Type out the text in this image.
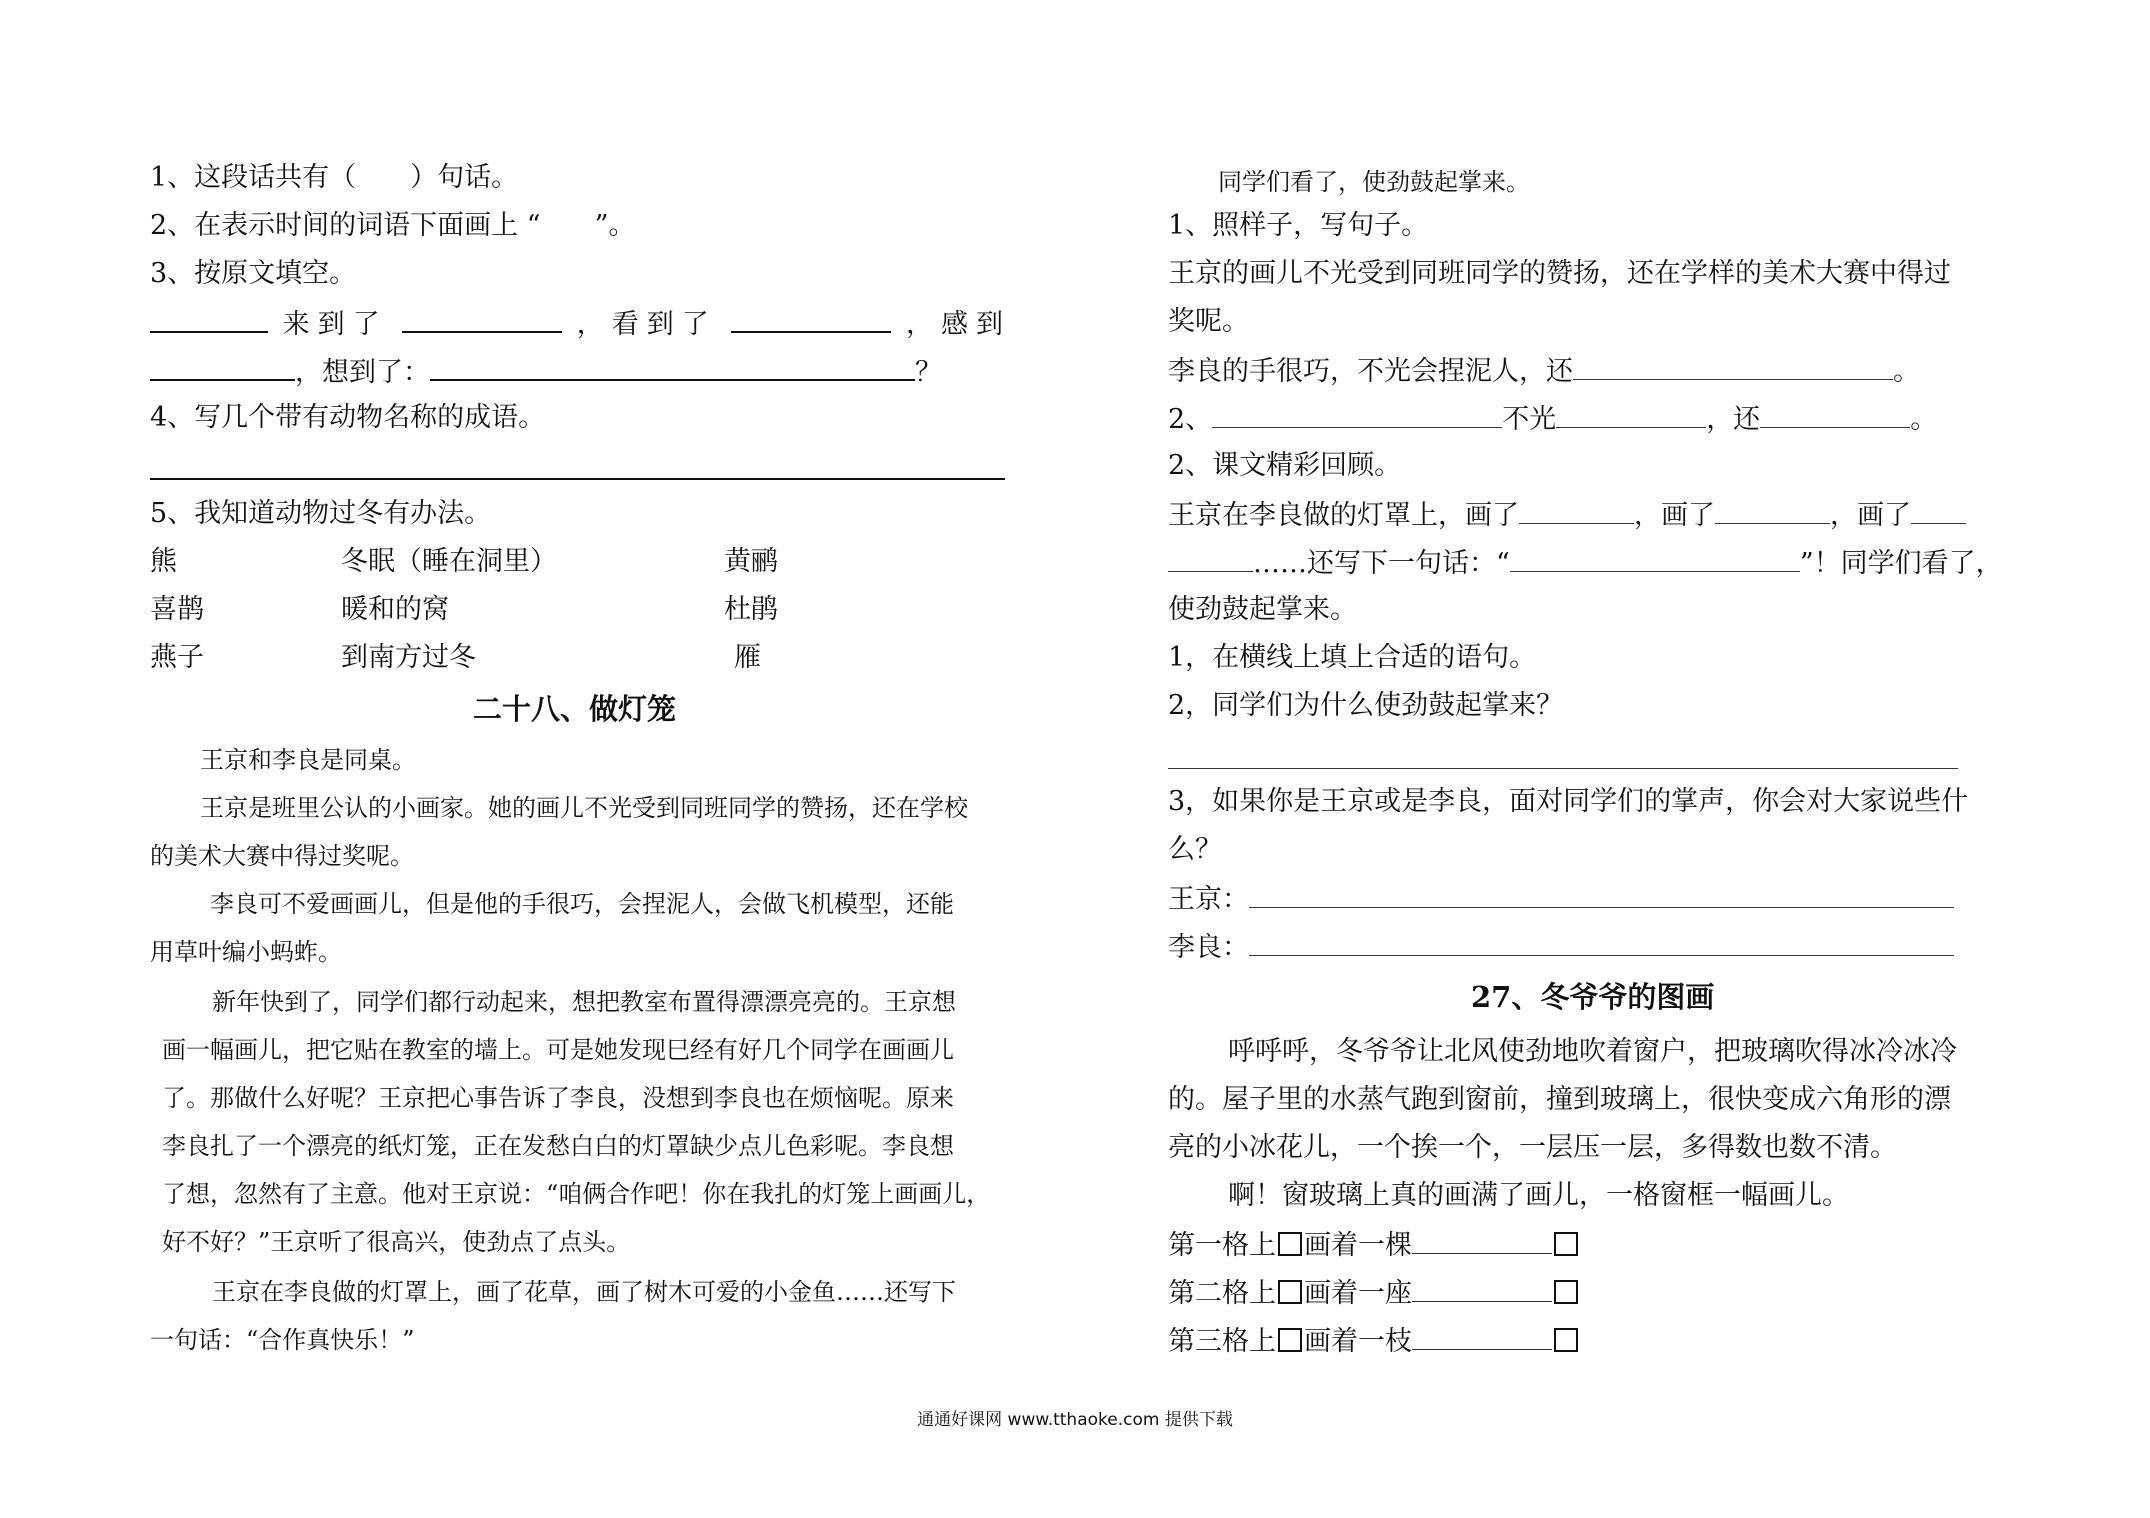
1、这段话共有（　　）句话。
2、在表示时间的词语下面画上 “　　”。
3、按原文填空。
来到了	，看到了	，感到
，想到了：	？
4、写几个带有动物名称的成语。
5、我知道动物过冬有办法。
熊	冬眠（睡在洞里）	黄鹂
喜鹊	暖和的窝	杜鹃
燕子	到南方过冬	雁
二十八、做灯笼
王京和李良是同桌。
王京是班里公认的小画家。她的画儿不光受到同班同学的赞扬，还在学校
的美术大赛中得过奖呢。
李良可不爱画画儿，但是他的手很巧，会捏泥人，会做飞机模型，还能
用草叶编小蚂蚱。
新年快到了，同学们都行动起来，想把教室布置得漂漂亮亮的。王京想
画一幅画儿，把它贴在教室的墙上。可是她发现巳经有好几个同学在画画儿
了。那做什么好呢？王京把心事告诉了李良，没想到李良也在烦恼呢。原来
李良扎了一个漂亮的纸灯笼，正在发愁白白的灯罩缺少点儿色彩呢。李良想
了想，忽然有了主意。他对王京说：“咱俩合作吧！你在我扎的灯笼上画画儿，
好不好？”王京听了很高兴，使劲点了点头。
王京在李良做的灯罩上，画了花草，画了树木可爱的小金鱼……还写下
一句话：“合作真快乐！”
同学们看了，使劲鼓起掌来。
1、照样子，写句子。
王京的画儿不光受到同班同学的赞扬，还在学样的美术大赛中得过
奖呢。
李良的手很巧，不光会捏泥人，还	。
2、	不光	，还	。
2、课文精彩回顾。
王京在李良做的灯罩上，画了	，画了	，画了
……还写下一句话：“	”！同学们看了，
使劲鼓起掌来。
1，在横线上填上合适的语句。
2，同学们为什么使劲鼓起掌来？
3，如果你是王京或是李良，面对同学们的掌声，你会对大家说些什
么？
王京：
李良：
27、冬爷爷的图画
呼呼呼，冬爷爷让北风使劲地吹着窗户，把玻璃吹得冰冷冰冷
的。屋子里的水蒸气跑到窗前，撞到玻璃上，很快变成六角形的漂
亮的小冰花儿，一个挨一个，一层压一层，多得数也数不清。
啊！窗玻璃上真的画满了画儿，一格窗框一幅画儿。
第一格上 画着一棵
第二格上 画着一座
第三格上 画着一枝
通通好课网 www.tthaoke.com 提供下载
